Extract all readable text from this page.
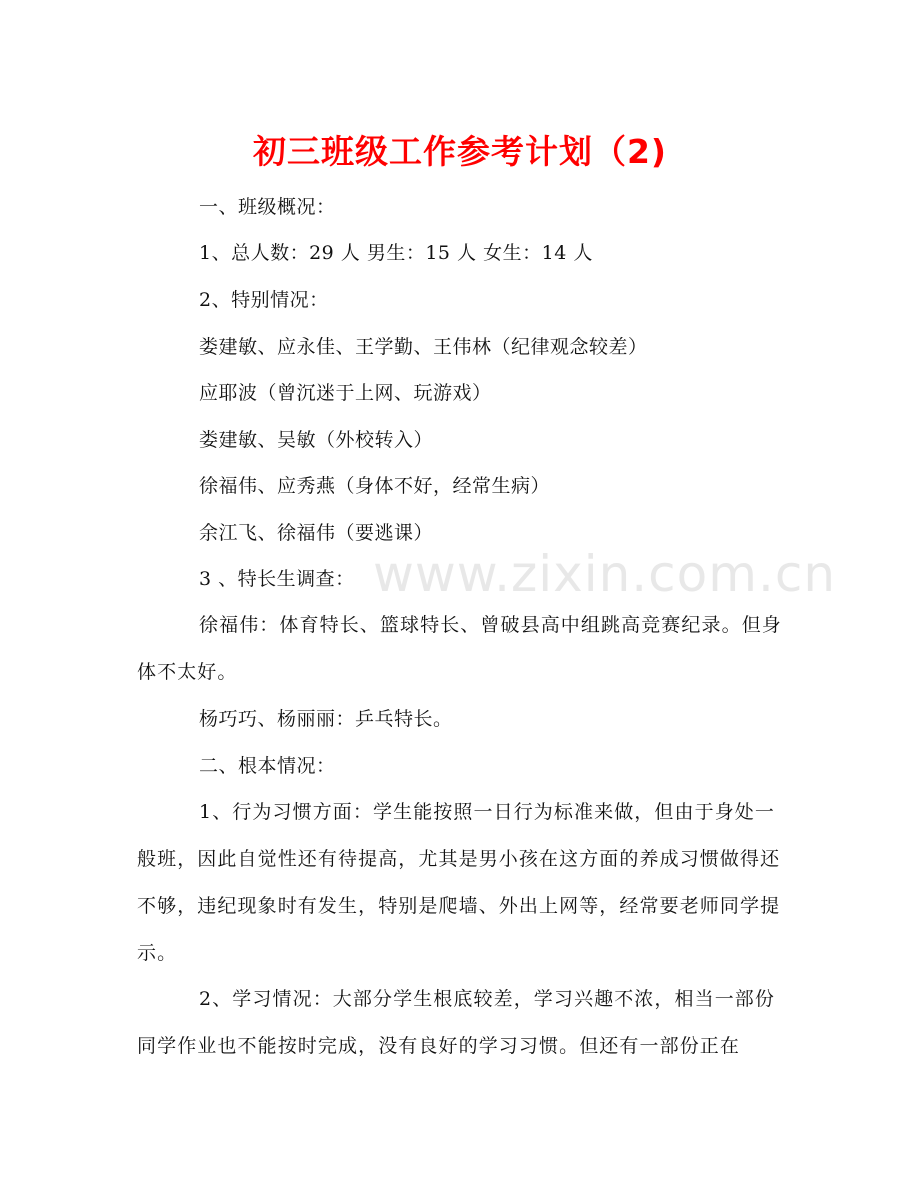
初三班级工作参考计划（2)
一、班级概况：
1、总人数：29 人 男生：15 人 女生：14 人
2、特别情况：
娄建敏、应永佳、王学勤、王伟林（纪律观念较差）
应耶波（曾沉迷于上网、玩游戏）
娄建敏、吴敏（外校转入）
徐福伟、应秀燕（身体不好，经常生病）
余江飞、徐福伟（要逃课）
3 、特长生调查：
徐福伟：体育特长、篮球特长、曾破县高中组跳高竞赛纪录。但身体不太好。
杨巧巧、杨丽丽：乒乓特长。
二、根本情况：
1、行为习惯方面：学生能按照一日行为标准来做，但由于身处一般班，因此自觉性还有待提高，尤其是男小孩在这方面的养成习惯做得还不够，违纪现象时有发生，特别是爬墙、外出上网等，经常要老师同学提示。
2、学习情况：大部分学生根底较差，学习兴趣不浓，相当一部份同学作业也不能按时完成，没有良好的学习习惯。但还有一部份正在
www.zixin.com.cn
